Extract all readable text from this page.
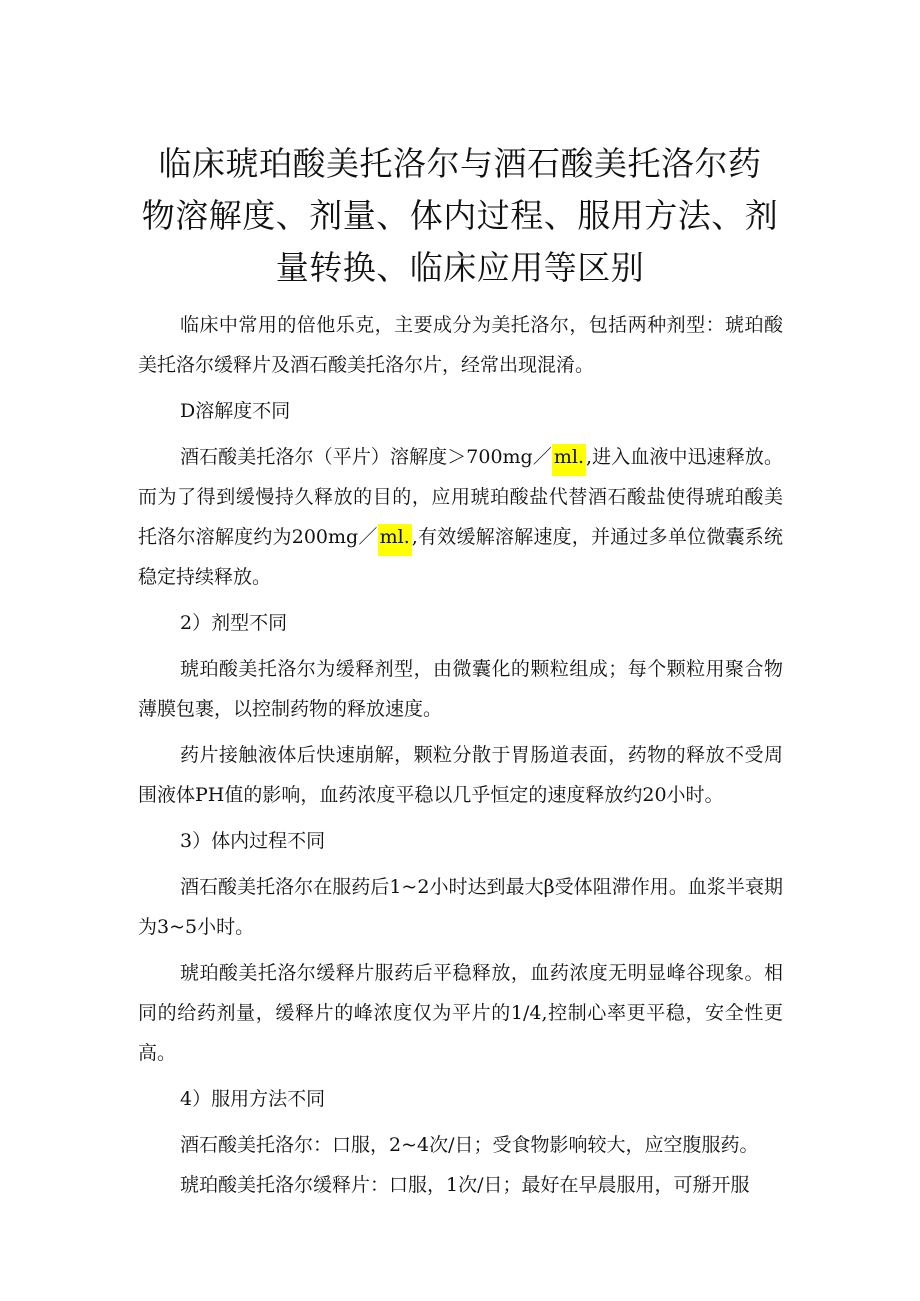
临床琥珀酸美托洛尔与酒石酸美托洛尔药
物溶解度、剂量、体内过程、服用方法、剂
量转换、临床应用等区别

临床中常用的倍他乐克，主要成分为美托洛尔，包括两种剂型：琥珀酸美托洛尔缓释片及酒石酸美托洛尔片，经常出现混淆。

D溶解度不同

酒石酸美托洛尔（平片）溶解度＞700mg／ ml. ,进入血液中迅速释放。而为了得到缓慢持久释放的目的，应用琥珀酸盐代替酒石酸盐使得琥珀酸美托洛尔溶解度约为200mg／ ml. ,有效缓解溶解速度，并通过多单位微囊系统稳定持续释放。

2）剂型不同

琥珀酸美托洛尔为缓释剂型，由微囊化的颗粒组成；每个颗粒用聚合物薄膜包裹，以控制药物的释放速度。

药片接触液体后快速崩解，颗粒分散于胃肠道表面，药物的释放不受周围液体PH值的影响，血药浓度平稳以几乎恒定的速度释放约20小时。

3）体内过程不同

酒石酸美托洛尔在服药后1~2小时达到最大β受体阻滞作用。血浆半衰期为3~5小时。

琥珀酸美托洛尔缓释片服药后平稳释放，血药浓度无明显峰谷现象。相同的给药剂量，缓释片的峰浓度仅为平片的1/4,控制心率更平稳，安全性更高。

4）服用方法不同

酒石酸美托洛尔：口服，2~4次/日；受食物影响较大，应空腹服药。

琥珀酸美托洛尔缓释片：口服，1次/日；最好在早晨服用，可掰开服
